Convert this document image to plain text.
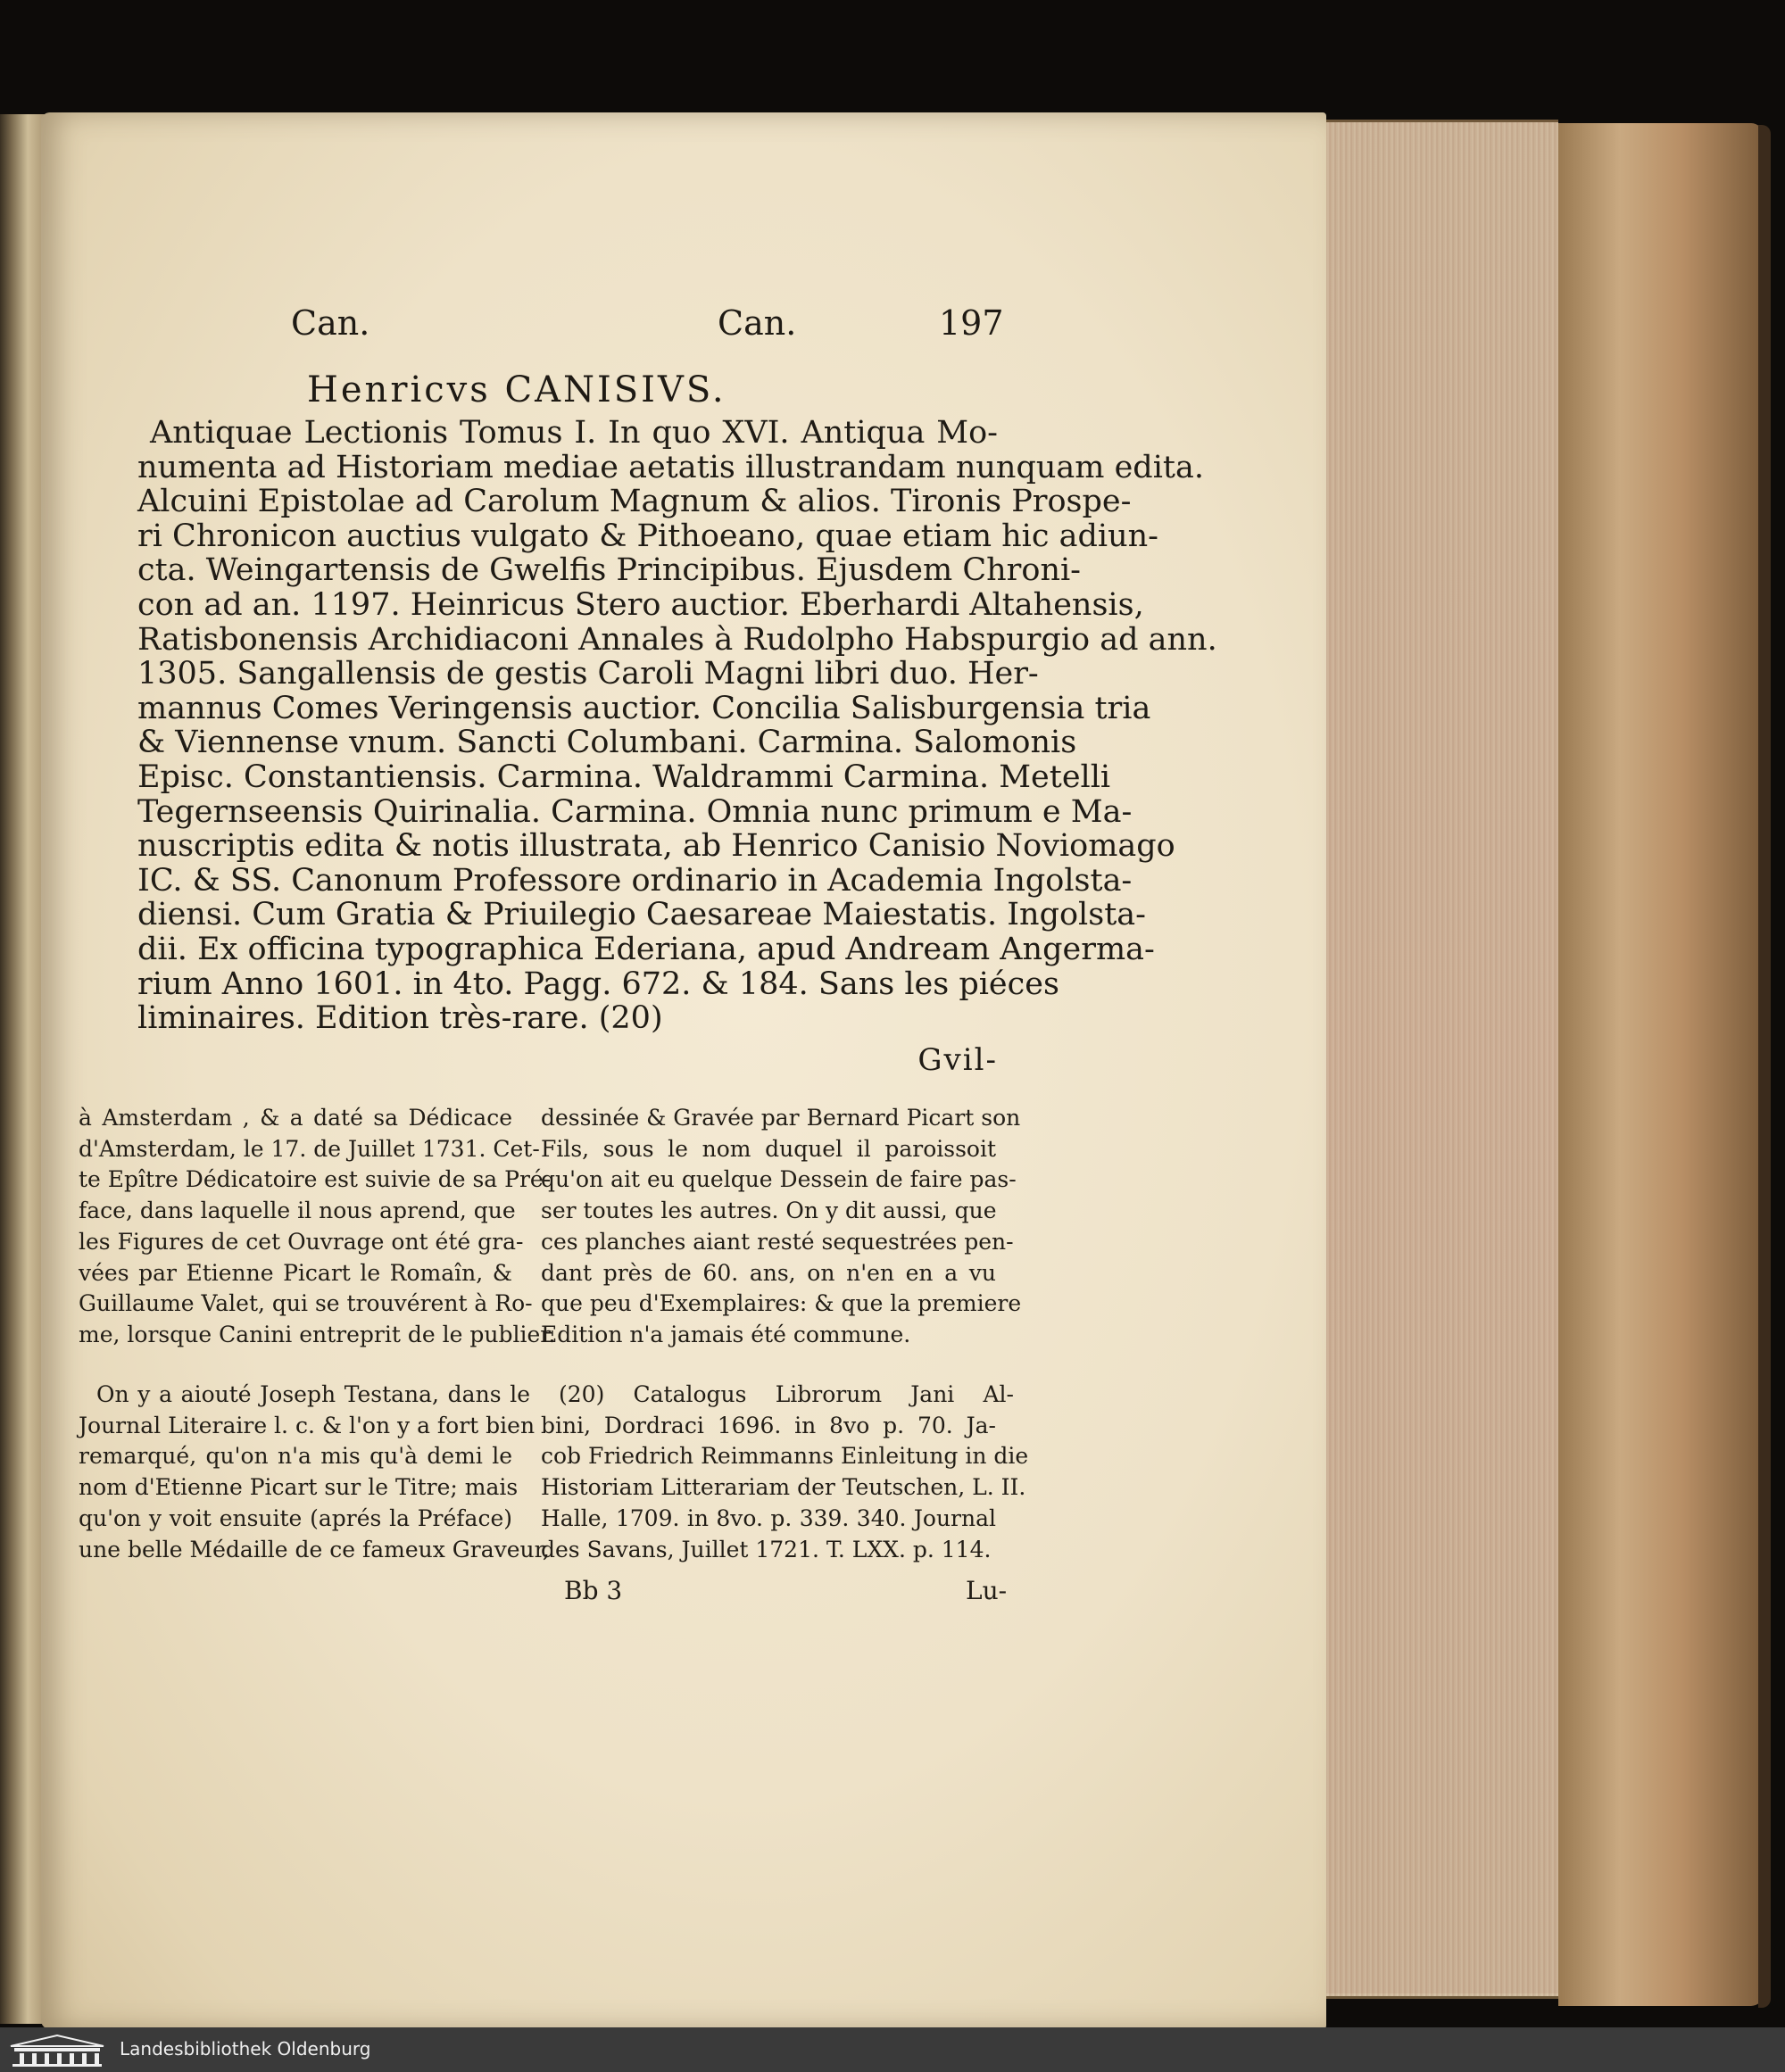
Can.	Can.	197
Henricvs CANISIVS.
Antiquae Lectionis Tomus I. In quo XVI. Antiqua Mo-
numenta ad Historiam mediae aetatis illustrandam nunquam edita.
Alcuini Epistolae ad Carolum Magnum & alios. Tironis Prospe-
ri Chronicon auctius vulgato & Pithoeano, quae etiam hic adiun-
cta. Weingartensis de Gwelfis Principibus. Ejusdem Chroni-
con ad an. 1197. Heinricus Stero auctior. Eberhardi Altahensis,
Ratisbonensis Archidiaconi Annales à Rudolpho Habspurgio ad ann.
1305. Sangallensis de gestis Caroli Magni libri duo. Her-
mannus Comes Veringensis auctior. Concilia Salisburgensia tria
& Viennense vnum. Sancti Columbani. Carmina. Salomonis
Episc. Constantiensis. Carmina. Waldrammi Carmina. Metelli
Tegernseensis Quirinalia. Carmina. Omnia nunc primum e Ma-
nuscriptis edita & notis illustrata, ab Henrico Canisio Noviomago
IC. & SS. Canonum Professore ordinario in Academia Ingolsta-
diensi. Cum Gratia & Priuilegio Caesareae Maiestatis. Ingolsta-
dii. Ex officina typographica Ederiana, apud Andream Angerma-
rium Anno 1601. in 4to. Pagg. 672. & 184. Sans les piéces
liminaires. Edition très-rare. (20)
Gvil-
à Amsterdam , & a daté sa Dédicace
d'Amsterdam, le 17. de Juillet 1731. Cet-
te Epître Dédicatoire est suivie de sa Pré-
face, dans laquelle il nous aprend, que
les Figures de cet Ouvrage ont été gra-
vées par Etienne Picart le Romaîn, &
Guillaume Valet, qui se trouvérent à Ro-
me, lorsque Canini entreprit de le publier.
On y a aiouté Joseph Testana, dans le
Journal Literaire l. c. & l'on y a fort bien
remarqué, qu'on n'a mis qu'à demi le
nom d'Etienne Picart sur le Titre; mais
qu'on y voit ensuite (aprés la Préface)
une belle Médaille de ce fameux Graveur,
dessinée & Gravée par Bernard Picart son
Fils, sous le nom duquel il paroissoit
qu'on ait eu quelque Dessein de faire pas-
ser toutes les autres. On y dit aussi, que
ces planches aiant resté sequestrées pen-
dant près de 60. ans, on n'en en a vu
que peu d'Exemplaires: & que la premiere
Edition n'a jamais été commune.
(20) Catalogus Librorum Jani Al-
bini, Dordraci 1696. in 8vo p. 70. Ja-
cob Friedrich Reimmanns Einleitung in die
Historiam Litterariam der Teutschen, L. II.
Halle, 1709. in 8vo. p. 339. 340. Journal
des Savans, Juillet 1721. T. LXX. p. 114.
Bb 3	Lu-
Landesbibliothek Oldenburg
